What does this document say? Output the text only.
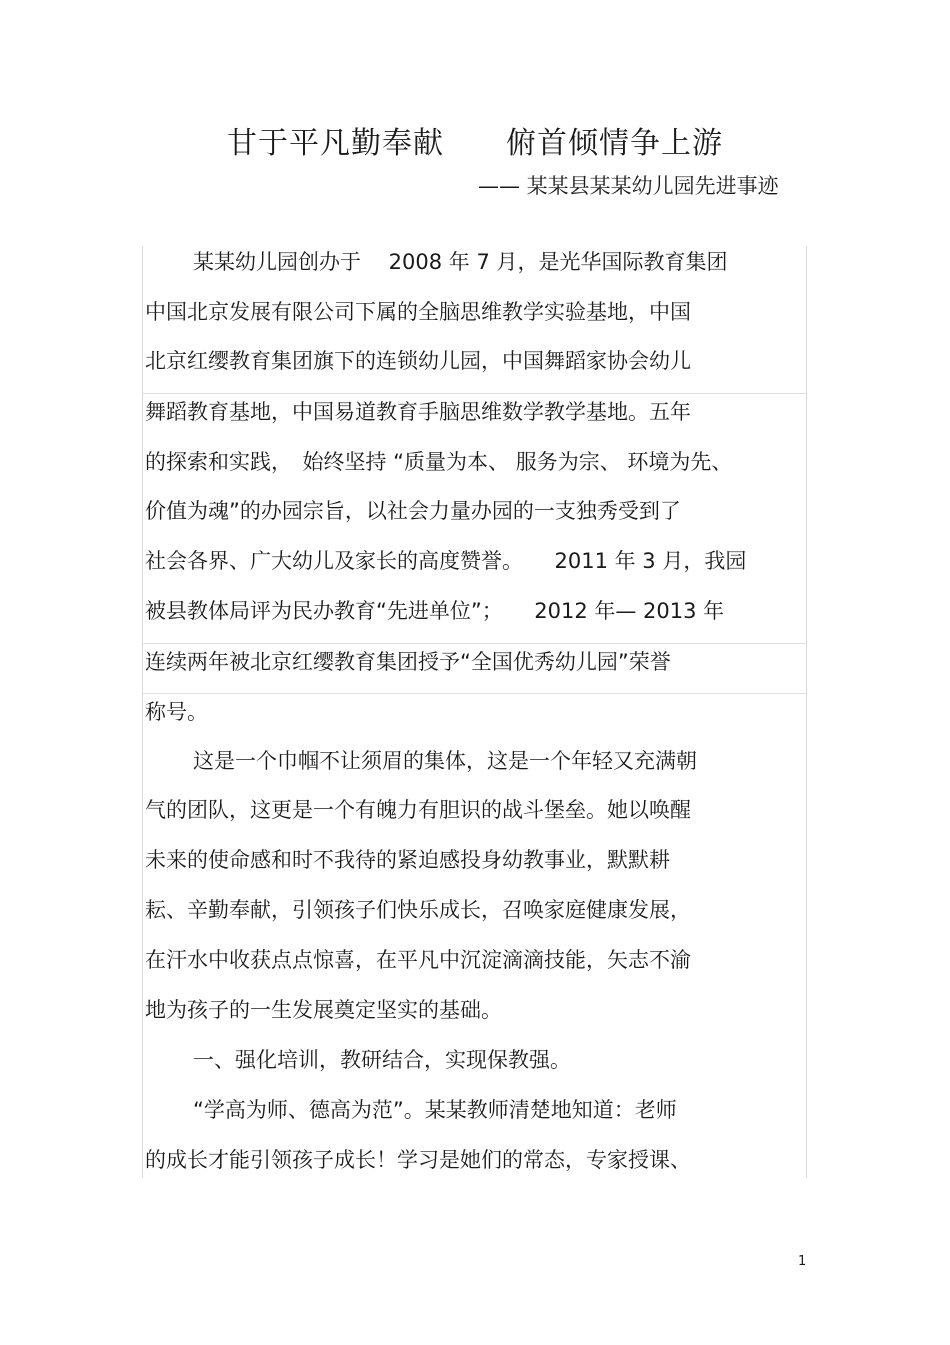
甘于平凡勤奉献　　俯首倾情争上游
—— 某某县某某幼儿园先进事迹
某某幼儿园创办于　 2008 年 7 月，是光华国际教育集团
中国北京发展有限公司下属的全脑思维教学实验基地，中国
北京红缨教育集团旗下的连锁幼儿园，中国舞蹈家协会幼儿
舞蹈教育基地，中国易道教育手脑思维数学教学基地。五年
的探索和实践，　始终坚持 “质量为本、 服务为宗、 环境为先、
价值为魂”的办园宗旨，以社会力量办园的一支独秀受到了
社会各界、广大幼儿及家长的高度赞誉。　　2011 年 3 月，我园
被县教体局评为民办教育“先进单位”；　　2012 年— 2013 年
连续两年被北京红缨教育集团授予“全国优秀幼儿园”荣誉
称号。
这是一个巾帼不让须眉的集体，这是一个年轻又充满朝
气的团队，这更是一个有魄力有胆识的战斗堡垒。她以唤醒
未来的使命感和时不我待的紧迫感投身幼教事业，默默耕
耘、辛勤奉献，引领孩子们快乐成长，召唤家庭健康发展，
在汗水中收获点点惊喜，在平凡中沉淀滴滴技能，矢志不渝
地为孩子的一生发展奠定坚实的基础。
一、强化培训，教研结合，实现保教强。
“学高为师、德高为范”。某某教师清楚地知道：老师
的成长才能引领孩子成长！学习是她们的常态，专家授课、
1
